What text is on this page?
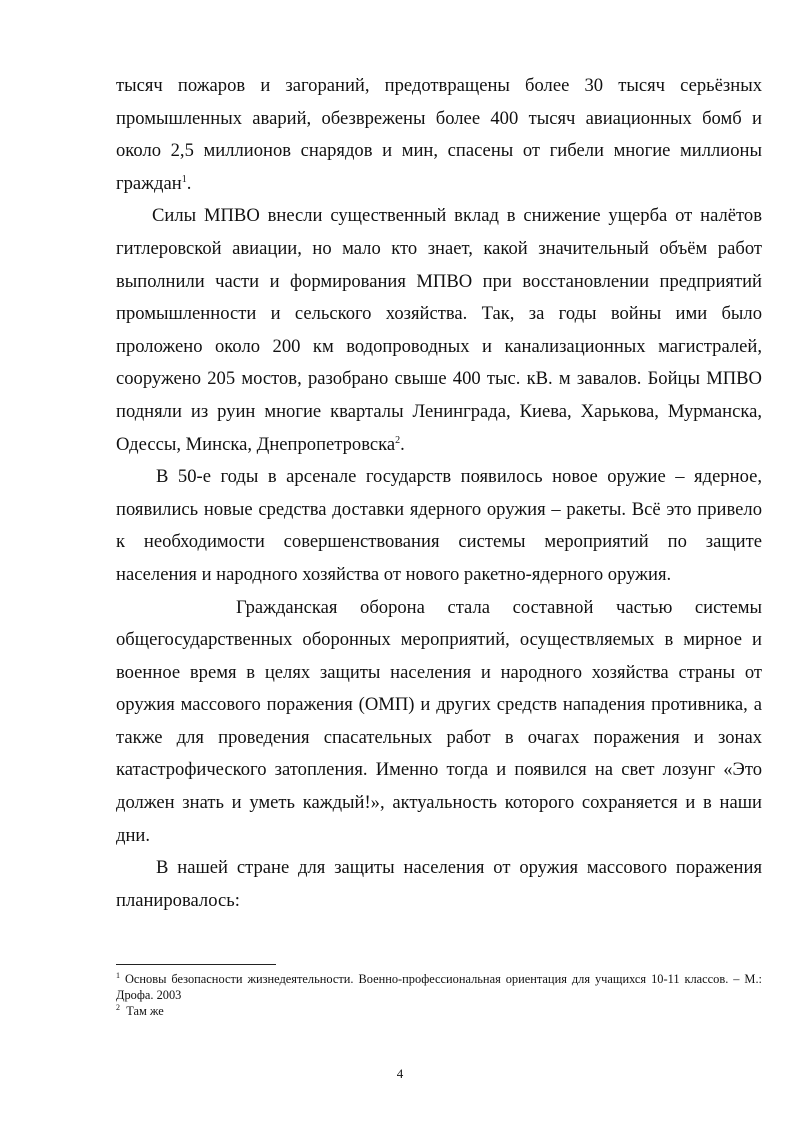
тысяч пожаров и загораний, предотвращены более 30 тысяч серьёзных промышленных аварий, обезврежены более 400 тысяч авиационных бомб и около 2,5 миллионов снарядов и мин, спасены от гибели многие миллионы граждан$^1$.

Силы МПВО внесли существенный вклад в снижение ущерба от налётов гитлеровской авиации, но мало кто знает, какой значительный объём работ выполнили части и формирования МПВО при восстановлении предприятий промышленности и сельского хозяйства. Так, за годы войны ими было проложено около 200 км водопроводных и канализационных магистралей, сооружено 205 мостов, разобрано свыше 400 тыс. кВ. м завалов. Бойцы МПВО подняли из руин многие кварталы Ленинграда, Киева, Харькова, Мурманска, Одессы, Минска, Днепропетровска$^2$.

В 50-е годы в арсенале государств появилось новое оружие – ядерное, появились новые средства доставки ядерного оружия – ракеты. Всё это привело к необходимости совершенствования системы мероприятий по защите населения и народного хозяйства от нового ракетно-ядерного оружия.

Гражданская оборона стала составной частью системы общегосударственных оборонных мероприятий, осуществляемых в мирное и военное время в целях защиты населения и народного хозяйства страны от оружия массового поражения (ОМП) и других средств нападения противника, а также для проведения спасательных работ в очагах поражения и зонах катастрофического затопления. Именно тогда и появился на свет лозунг «Это должен знать и уметь каждый!», актуальность которого сохраняется и в наши дни.

В нашей стране для защиты населения от оружия массового поражения планировалось:

$^1$ Основы безопасности жизнедеятельности. Военно-профессиональная ориентация для учащихся 10-11 классов. – М.: Дрофа. 2003

$^2$ Там же

4
